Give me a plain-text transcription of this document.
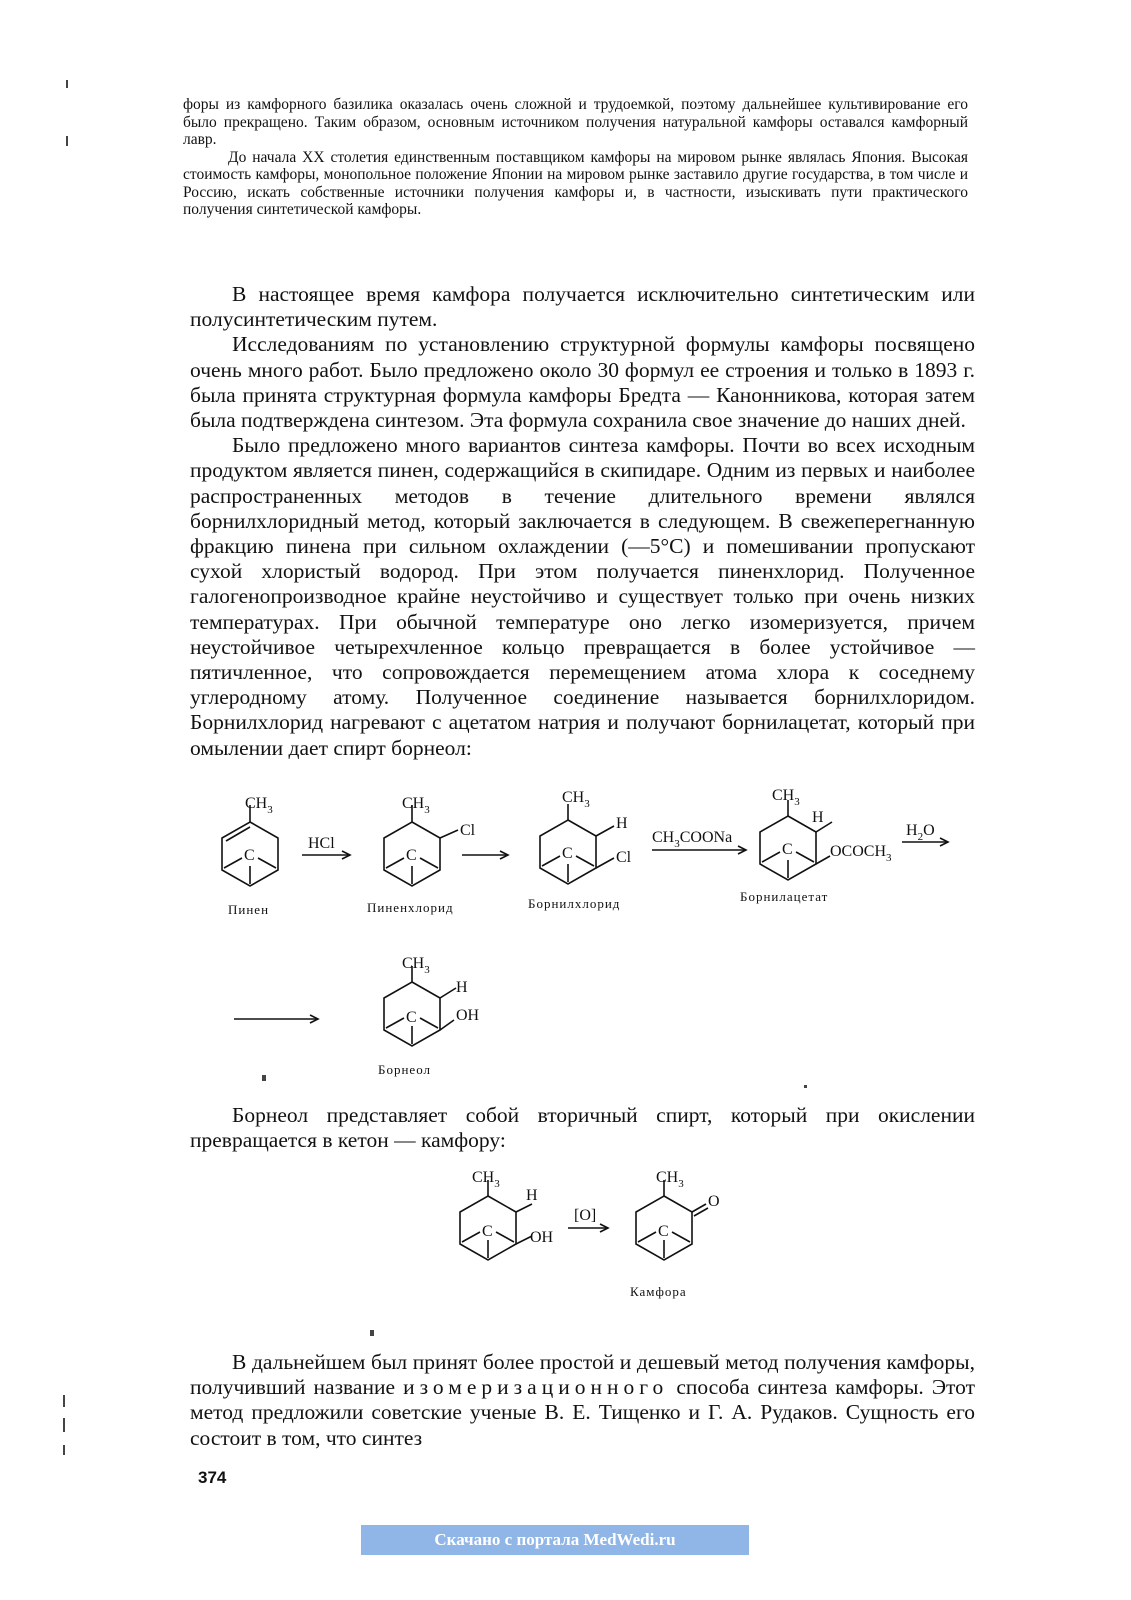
форы из камфорного базилика оказалась очень сложной и трудоемкой, поэтому дальнейшее культивирование его было прекращено. Таким образом, основным источником получения натуральной камфоры оставался камфорный лавр.

До начала XX столетия единственным поставщиком камфоры на мировом рынке являлась Япония. Высокая стоимость камфоры, монопольное положение Японии на мировом рынке заставило другие государства, в том числе и Россию, искать собственные источники получения камфоры и, в частности, изыскивать пути практического получения синтетической камфоры.

В настоящее время камфора получается исключительно синтетическим или полусинтетическим путем.

Исследованиям по установлению структурной формулы камфоры посвящено очень много работ. Было предложено около 30 формул ее строения и только в 1893 г. была принята структурная формула камфоры Бредта — Канонникова, которая затем была подтверждена синтезом. Эта формула сохранила свое значение до наших дней.

Было предложено много вариантов синтеза камфоры. Почти во всех исходным продуктом является пинен, содержащийся в скипидаре. Одним из первых и наиболее распространенных методов в течение длительного времени являлся борнилхлоридный метод, который заключается в следующем. В свежеперегнанную фракцию пинена при сильном охлаждении (—5°С) и помешивании пропускают сухой хлористый водород. При этом получается пиненхлорид. Полученное галогенопроизводное крайне неустойчиво и существует только при очень низких температурах. При обычной температуре оно легко изомеризуется, причем неустойчивое четырехчленное кольцо превращается в более устойчивое — пятичленное, что сопровождается перемещением атома хлора к соседнему углеродному атому. Полученное соединение называется борнилхлоридом. Борнилхлорид нагревают с ацетатом натрия и получают борнилацетат, который при омылении дает спирт борнеол:

$CH_3$
C
HCl
$CH_3$
Cl
C
$CH_3$
H
Cl
C
$CH_3COONa$
$CH_3$
H
$OCOCH_3$
C
$H_2O$
Пинен	Пиненхлорид	Борнилхлорид	Борнилацетат
$CH_3$
H
OH
C
Борнеол

Борнеол представляет собой вторичный спирт, который при окислении превращается в кетон — камфору:

$CH_3$
H
OH
C
[O]
$CH_3$
O
C
Камфора

В дальнейшем был принят более простой и дешевый метод получения камфоры, получивший название изомеризационного способа синтеза камфоры. Этот метод предложили советские ученые В. Е. Тищенко и Г. А. Рудаков. Сущность его состоит в том, что синтез

374
Скачано с портала MedWedi.ru
